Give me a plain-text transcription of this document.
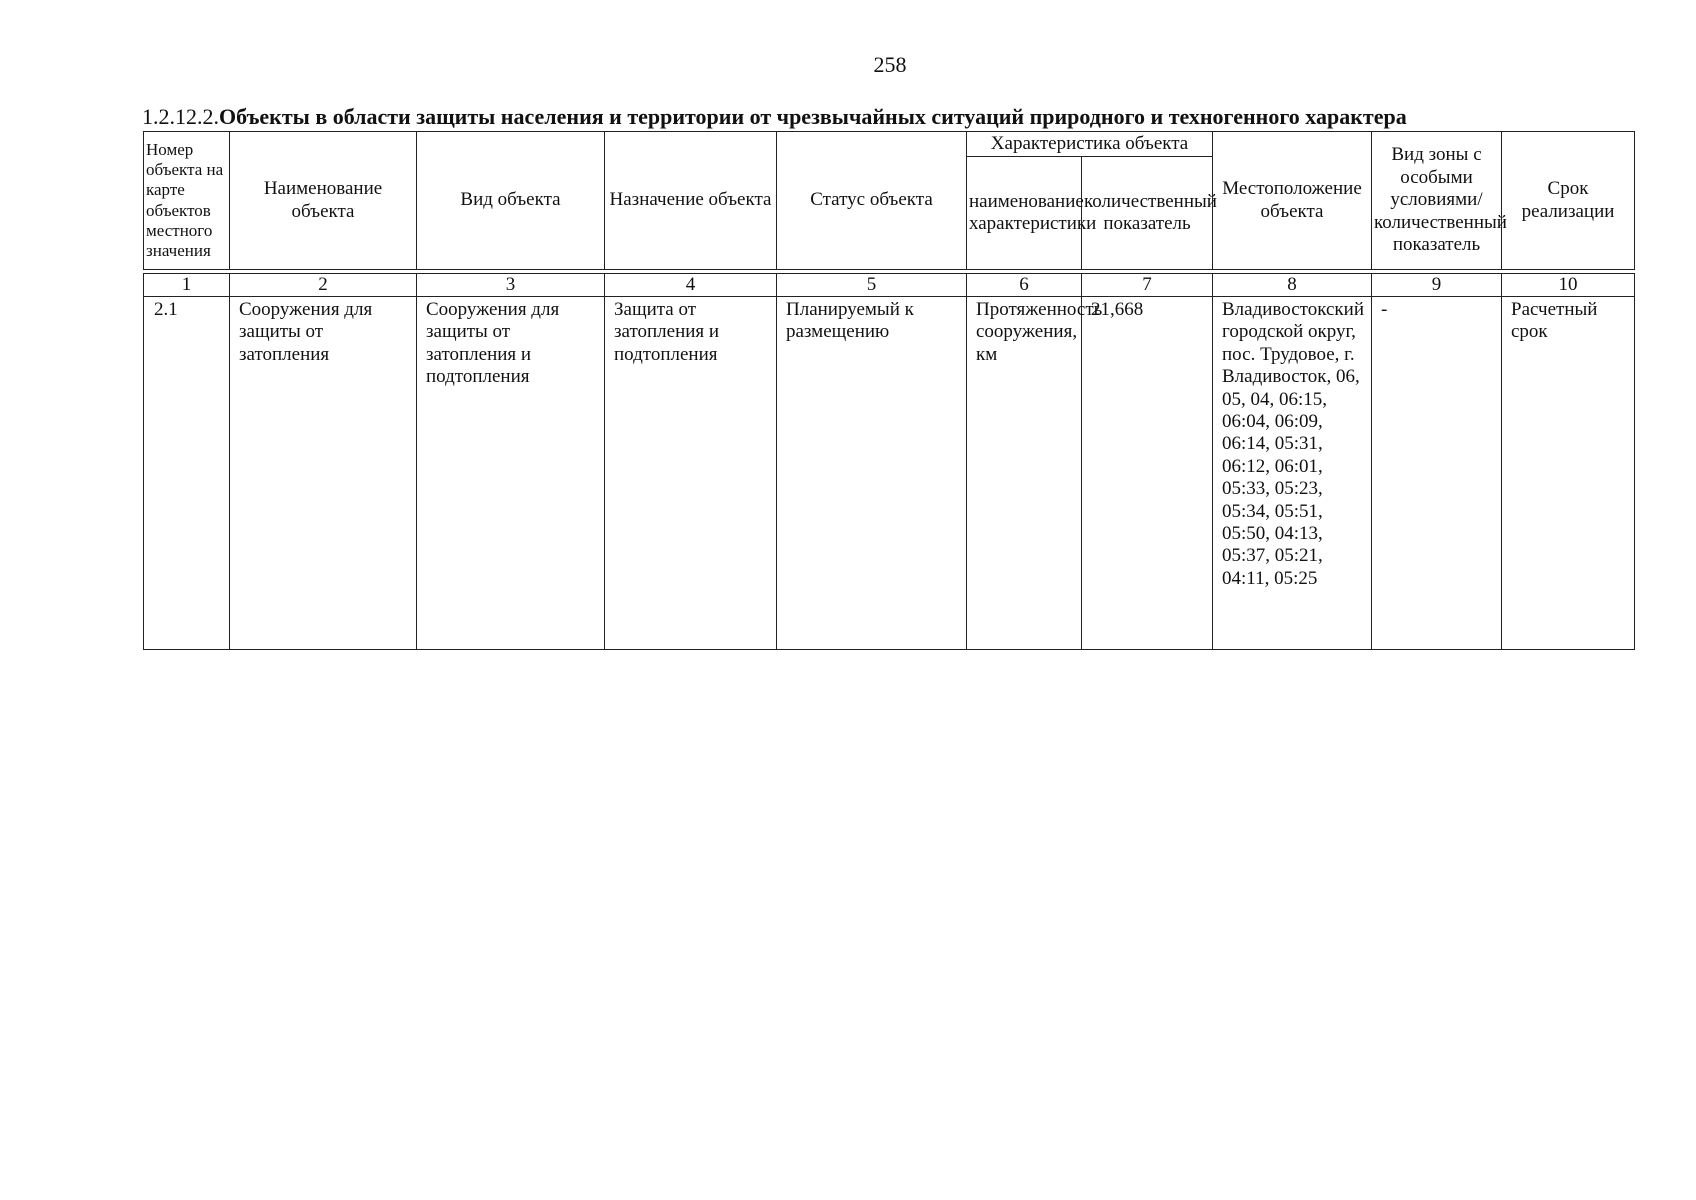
258
1.2.12.2.Объекты в области защиты населения и территории от чрезвычайных ситуаций природного и техногенного характера
Номер объекта на карте объектов местного значения	Наименование объекта	Вид объекта	Назначение объекта	Статус объекта	Характеристика объекта		Местоположение объекта	Вид зоны с особыми условиями/ количественный показатель	Срок реализации
					наименование характеристики	количественный показатель			

1	2	3	4	5	6	7	8	9	10
2.1	Сооружения для защиты от затопления	Сооружения для защиты от затопления и подтопления	Защита от затопления и подтопления	Планируемый к размещению	Протяженность сооружения, км	21,668	Владивостокский городской округ, пос. Трудовое, г. Владивосток, 06, 05, 04, 06:15, 06:04, 06:09, 06:14, 05:31, 06:12, 06:01, 05:33, 05:23, 05:34, 05:51, 05:50, 04:13, 05:37, 05:21, 04:11, 05:25	-	Расчетный срок
